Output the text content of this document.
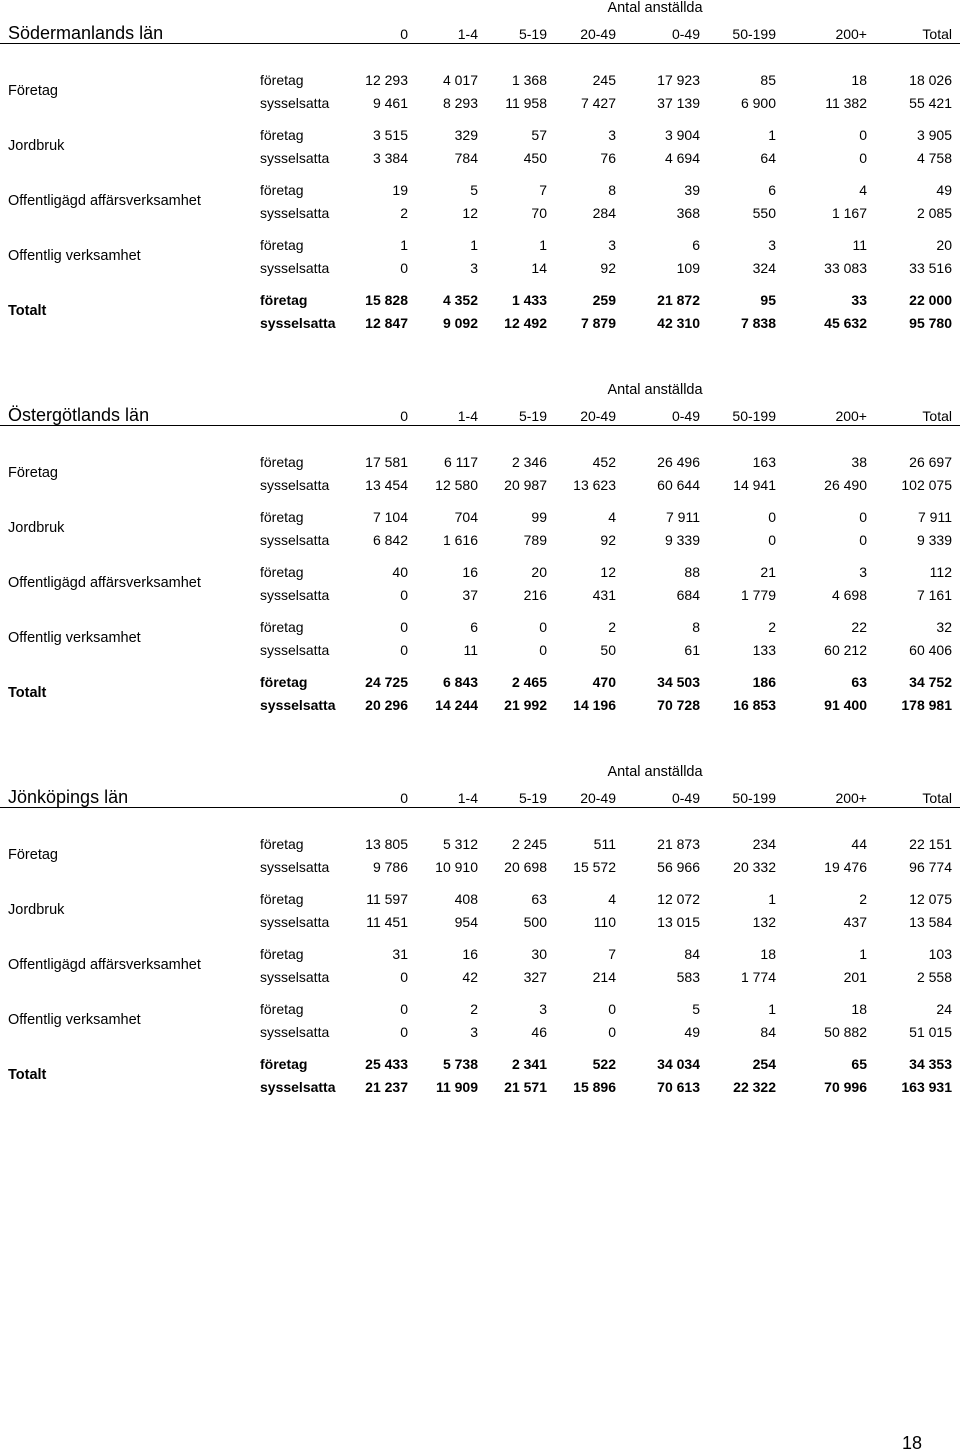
Antal anställda
Södermanlands län	0	1-4	5-19	20-49	0-49	50-199	200+	Total
Företag
företag	12 293	4 017	1 368	245	17 923	85	18	18 026
sysselsatta	9 461	8 293	11 958	7 427	37 139	6 900	11 382	55 421
Jordbruk
företag	3 515	329	57	3	3 904	1	0	3 905
sysselsatta	3 384	784	450	76	4 694	64	0	4 758
Offentligägd affärsverksamhet
företag	19	5	7	8	39	6	4	49
sysselsatta	2	12	70	284	368	550	1 167	2 085
Offentlig verksamhet
företag	1	1	1	3	6	3	11	20
sysselsatta	0	3	14	92	109	324	33 083	33 516
Totalt
företag	15 828	4 352	1 433	259	21 872	95	33	22 000
sysselsatta	12 847	9 092	12 492	7 879	42 310	7 838	45 632	95 780
Antal anställda
Östergötlands län	0	1-4	5-19	20-49	0-49	50-199	200+	Total
Företag
företag	17 581	6 117	2 346	452	26 496	163	38	26 697
sysselsatta	13 454	12 580	20 987	13 623	60 644	14 941	26 490	102 075
Jordbruk
företag	7 104	704	99	4	7 911	0	0	7 911
sysselsatta	6 842	1 616	789	92	9 339	0	0	9 339
Offentligägd affärsverksamhet
företag	40	16	20	12	88	21	3	112
sysselsatta	0	37	216	431	684	1 779	4 698	7 161
Offentlig verksamhet
företag	0	6	0	2	8	2	22	32
sysselsatta	0	11	0	50	61	133	60 212	60 406
Totalt
företag	24 725	6 843	2 465	470	34 503	186	63	34 752
sysselsatta	20 296	14 244	21 992	14 196	70 728	16 853	91 400	178 981
Antal anställda
Jönköpings län	0	1-4	5-19	20-49	0-49	50-199	200+	Total
Företag
företag	13 805	5 312	2 245	511	21 873	234	44	22 151
sysselsatta	9 786	10 910	20 698	15 572	56 966	20 332	19 476	96 774
Jordbruk
företag	11 597	408	63	4	12 072	1	2	12 075
sysselsatta	11 451	954	500	110	13 015	132	437	13 584
Offentligägd affärsverksamhet
företag	31	16	30	7	84	18	1	103
sysselsatta	0	42	327	214	583	1 774	201	2 558
Offentlig verksamhet
företag	0	2	3	0	5	1	18	24
sysselsatta	0	3	46	0	49	84	50 882	51 015
Totalt
företag	25 433	5 738	2 341	522	34 034	254	65	34 353
sysselsatta	21 237	11 909	21 571	15 896	70 613	22 322	70 996	163 931
18
